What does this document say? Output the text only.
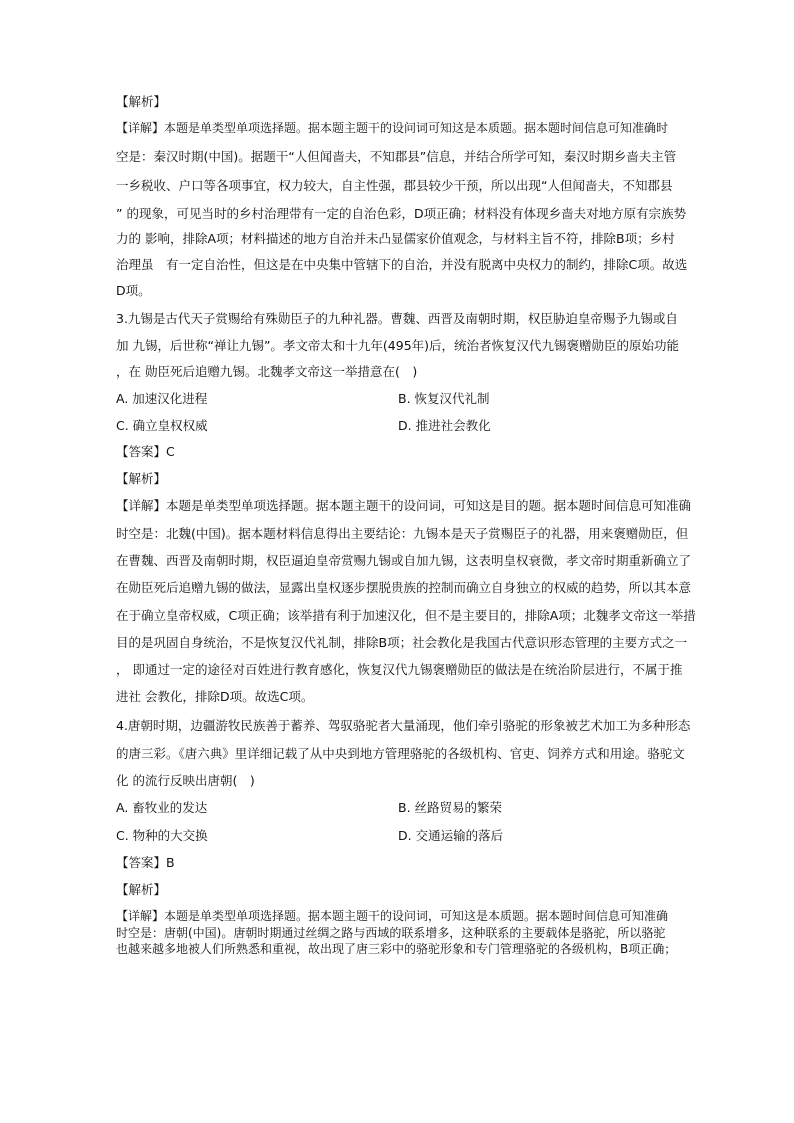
【解析】
【详解】本题是单类型单项选择题。据本题主题干的设问词可知这是本质题。据本题时间信息可知准确时
空是：秦汉时期(中国)。据题干“人但闻啬夫，不知郡县”信息，并结合所学可知，秦汉时期乡啬夫主管
一乡税收、户口等各项事宜，权力较大，自主性强，郡县较少干预，所以出现“人但闻啬夫，不知郡县
” 的现象，可见当时的乡村治理带有一定的自治色彩，D项正确；材料没有体现乡啬夫对地方原有宗族势
力的 影响，排除A项；材料描述的地方自治并未凸显儒家价值观念，与材料主旨不符，排除B项；乡村
治理虽　有一定自治性，但这是在中央集中管辖下的自治，并没有脱离中央权力的制约，排除C项。故选
D项。
3.九锡是古代天子赏赐给有殊勋臣子的九种礼器。曹魏、西晋及南朝时期，权臣胁迫皇帝赐予九锡或自
加 九锡，后世称“禅让九锡”。孝文帝太和十九年(495年)后，统治者恢复汉代九锡褒赠勋臣的原始功能
，在 勋臣死后追赠九锡。北魏孝文帝这一举措意在(　)
A. 加速汉化进程	B. 恢复汉代礼制
C. 确立皇权权威	D. 推进社会教化
【答案】C
【解析】
【详解】本题是单类型单项选择题。据本题主题干的设问词，可知这是目的题。据本题时间信息可知准确
时空是：北魏(中国)。据本题材料信息得出主要结论：九锡本是天子赏赐臣子的礼器，用来褒赠勋臣，但
在曹魏、西晋及南朝时期，权臣逼迫皇帝赏赐九锡或自加九锡，这表明皇权衰微，孝文帝时期重新确立了
在勋臣死后追赠九锡的做法，显露出皇权逐步摆脱贵族的控制而确立自身独立的权威的趋势，所以其本意
在于确立皇帝权威，C项正确；该举措有利于加速汉化，但不是主要目的，排除A项；北魏孝文帝这一举措
目的是巩固自身统治，不是恢复汉代礼制，排除B项；社会教化是我国古代意识形态管理的主要方式之一
， 即通过一定的途径对百姓进行教育感化，恢复汉代九锡褒赠勋臣的做法是在统治阶层进行，不属于推
进社 会教化，排除D项。故选C项。
4.唐朝时期，边疆游牧民族善于蓄养、驾驭骆驼者大量涌现，他们牵引骆驼的形象被艺术加工为多种形态
的唐三彩。《唐六典》里详细记载了从中央到地方管理骆驼的各级机构、官吏、饲养方式和用途。骆驼文
化 的流行反映出唐朝(　)
A. 畜牧业的发达	B. 丝路贸易的繁荣
C. 物种的大交换	D. 交通运输的落后
【答案】B
【解析】
【详解】本题是单类型单项选择题。据本题主题干的设问词，可知这是本质题。据本题时间信息可知准确
时空是：唐朝(中国)。唐朝时期通过丝绸之路与西域的联系增多，这种联系的主要载体是骆驼，所以骆驼
也越来越多地被人们所熟悉和重视，故出现了唐三彩中的骆驼形象和专门管理骆驼的各级机构，B项正确；
